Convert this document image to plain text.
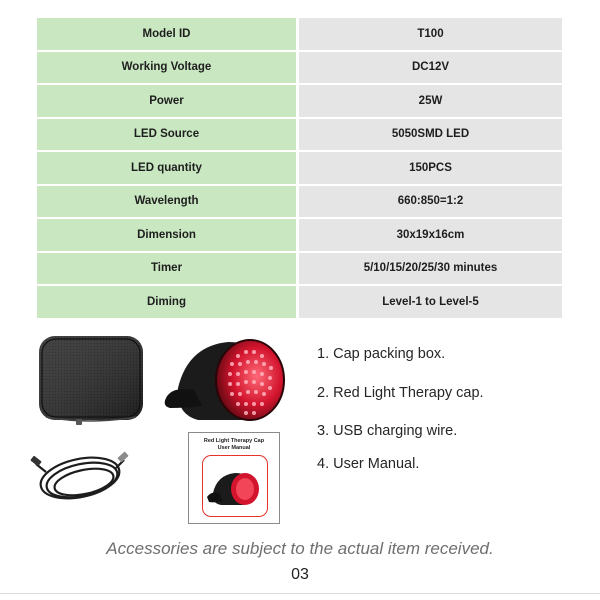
Model ID		T100
Working Voltage		DC12V
Power		25W
LED Source		5050SMD LED
LED quantity		150PCS
Wavelength		660:850=1:2
Dimension		30x19x16cm
Timer		5/10/15/20/25/30 minutes
Diming		Level-1 to Level-5
Red Light Therapy Cap
User Manual
1. Cap packing box.
2. Red Light Therapy cap.
3. USB charging wire.
4. User Manual.
Accessories are subject to the actual item received.
03
